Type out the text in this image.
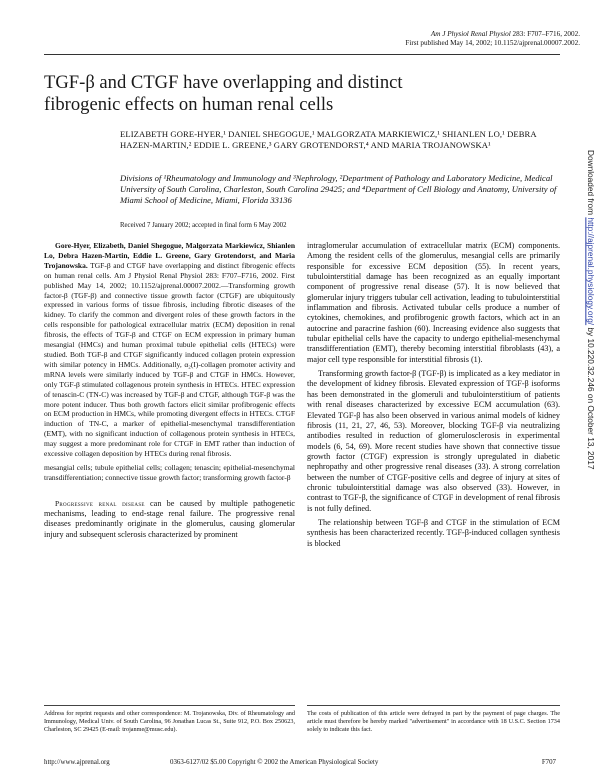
Am J Physiol Renal Physiol 283: F707–F716, 2002.
First published May 14, 2002; 10.1152/ajprenal.00007.2002.
TGF-β and CTGF have overlapping and distinct
fibrogenic effects on human renal cells
ELIZABETH GORE-HYER,¹ DANIEL SHEGOGUE,¹ MALGORZATA MARKIEWICZ,¹ SHIANLEN LO,¹ DEBRA HAZEN-MARTIN,² EDDIE L. GREENE,³ GARY GROTENDORST,⁴ AND MARIA TROJANOWSKA¹
Divisions of ¹Rheumatology and Immunology and ³Nephrology, ²Department of Pathology and Laboratory Medicine, Medical University of South Carolina, Charleston, South Carolina 29425; and ⁴Department of Cell Biology and Anatomy, University of Miami School of Medicine, Miami, Florida 33136
Received 7 January 2002; accepted in final form 6 May 2002

Gore-Hyer, Elizabeth, Daniel Shegogue, Malgorzata Markiewicz, Shianlen Lo, Debra Hazen-Martin, Eddie L. Greene, Gary Grotendorst, and Maria Trojanowska. TGF-β and CTGF have overlapping and distinct fibrogenic effects on human renal cells. Am J Physiol Renal Physiol 283: F707–F716, 2002. First published May 14, 2002; 10.1152/ajprenal.00007.2002.—Transforming growth factor-β (TGF-β) and connective tissue growth factor (CTGF) are ubiquitously expressed in various forms of tissue fibrosis, including fibrotic diseases of the kidney. To clarify the common and divergent roles of these growth factors in the cells responsible for pathological extracellular matrix (ECM) deposition in renal fibrosis, the effects of TGF-β and CTGF on ECM expression in primary human mesangial (HMCs) and human proximal tubule epithelial cells (HTECs) were studied. Both TGF-β and CTGF significantly induced collagen protein expression with similar potency in HMCs. Additionally, α₂(I)-collagen promoter activity and mRNA levels were similarly induced by TGF-β and CTGF in HMCs. However, only TGF-β stimulated collagenous protein synthesis in HTECs. HTEC expression of tenascin-C (TN-C) was increased by TGF-β and CTGF, although TGF-β was the more potent inducer. Thus both growth factors elicit similar profibrogenic effects on ECM production in HMCs, while promoting divergent effects in HTECs. CTGF induction of TN-C, a marker of epithelial-mesenchymal transdifferentiation (EMT), with no significant induction of collagenous protein synthesis in HTECs, may suggest a more predominant role for CTGF in EMT rather than induction of excessive collagen deposition by HTECs during renal fibrosis.

mesangial cells; tubule epithelial cells; collagen; tenascin; epithelial-mesenchymal transdifferentiation; connective tissue growth factor; transforming growth factor-β

Progressive renal disease can be caused by multiple pathogenetic mechanisms, leading to end-stage renal failure. The progressive renal diseases predominantly originate in the glomerulus, causing glomerular injury and subsequent sclerosis characterized by prominent

intraglomerular accumulation of extracellular matrix (ECM) components. Among the resident cells of the glomerulus, mesangial cells are primarily responsible for excessive ECM deposition (55). In recent years, tubulointerstitial damage has been recognized as an equally important component of progressive renal disease (57). It is now believed that glomerular injury triggers tubular cell activation, leading to tubulointerstitial inflammation and fibrosis. Activated tubular cells produce a number of cytokines, chemokines, and profibrogenic growth factors, which act in an autocrine and paracrine fashion (60). Increasing evidence also suggests that tubular epithelial cells have the capacity to undergo epithelial-mesenchymal transdifferentiation (EMT), thereby becoming interstitial fibroblasts (43), a major cell type responsible for interstitial fibrosis (1).

Transforming growth factor-β (TGF-β) is implicated as a key mediator in the development of kidney fibrosis. Elevated expression of TGF-β isoforms has been demonstrated in the glomeruli and tubulointerstitium of patients with renal diseases characterized by excessive ECM accumulation (63). Elevated TGF-β has also been observed in various animal models of kidney fibrosis (11, 21, 27, 46, 53). Moreover, blocking TGF-β via neutralizing antibodies resulted in reduction of glomerulosclerosis in experimental models (6, 54, 69). More recent studies have shown that connective tissue growth factor (CTGF) expression is strongly upregulated in diabetic nephropathy and other progressive renal diseases (33). A strong correlation between the number of CTGF-positive cells and degree of injury at sites of chronic tubulointerstitial damage was also observed (33). However, in contrast to TGF-β, the significance of CTGF in development of renal fibrosis is not fully defined.

The relationship between TGF-β and CTGF in the stimulation of ECM synthesis has been characterized recently. TGF-β-induced collagen synthesis is blocked

Address for reprint requests and other correspondence: M. Trojanowska, Div. of Rheumatology and Immunology, Medical Univ. of South Carolina, 96 Jonathan Lucas St., Suite 912, P.O. Box 250623, Charleston, SC 29425 (E-mail: trojanme@musc.edu).
The costs of publication of this article were defrayed in part by the payment of page charges. The article must therefore be hereby marked "advertisement" in accordance with 18 U.S.C. Section 1734 solely to indicate this fact.
http://www.ajprenal.org	0363-6127/02 $5.00 Copyright © 2002 the American Physiological Society	F707
Downloaded from http://ajprenal.physiology.org/ by 10.220.32.246 on October 13, 2017
